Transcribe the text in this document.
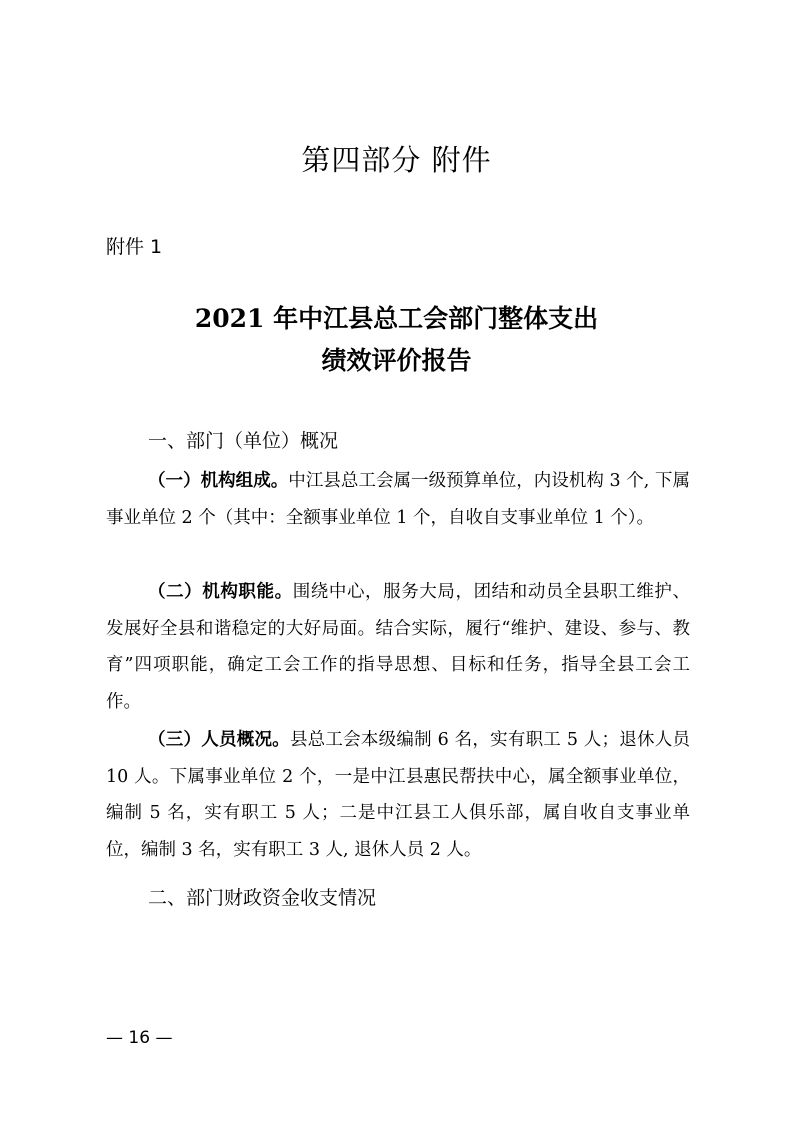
第四部分 附件
附件 1
2021 年中江县总工会部门整体支出
绩效评价报告
一、部门（单位）概况

（一）机构组成。中江县总工会属一级预算单位，内设机构 3 个, 下属事业单位 2 个（其中：全额事业单位 1 个，自收自支事业单位 1 个）。

（二）机构职能。围绕中心，服务大局，团结和动员全县职工维护、发展好全县和谐稳定的大好局面。结合实际，履行“维护、建设、参与、教育”四项职能，确定工会工作的指导思想、目标和任务，指导全县工会工作。

（三）人员概况。县总工会本级编制 6 名，实有职工 5 人；退休人员 10 人。下属事业单位 2 个，一是中江县惠民帮扶中心，属全额事业单位，编制 5 名，实有职工 5 人；二是中江县工人俱乐部，属自收自支事业单位，编制 3 名，实有职工 3 人, 退休人员 2 人。

二、部门财政资金收支情况
— 16 —
